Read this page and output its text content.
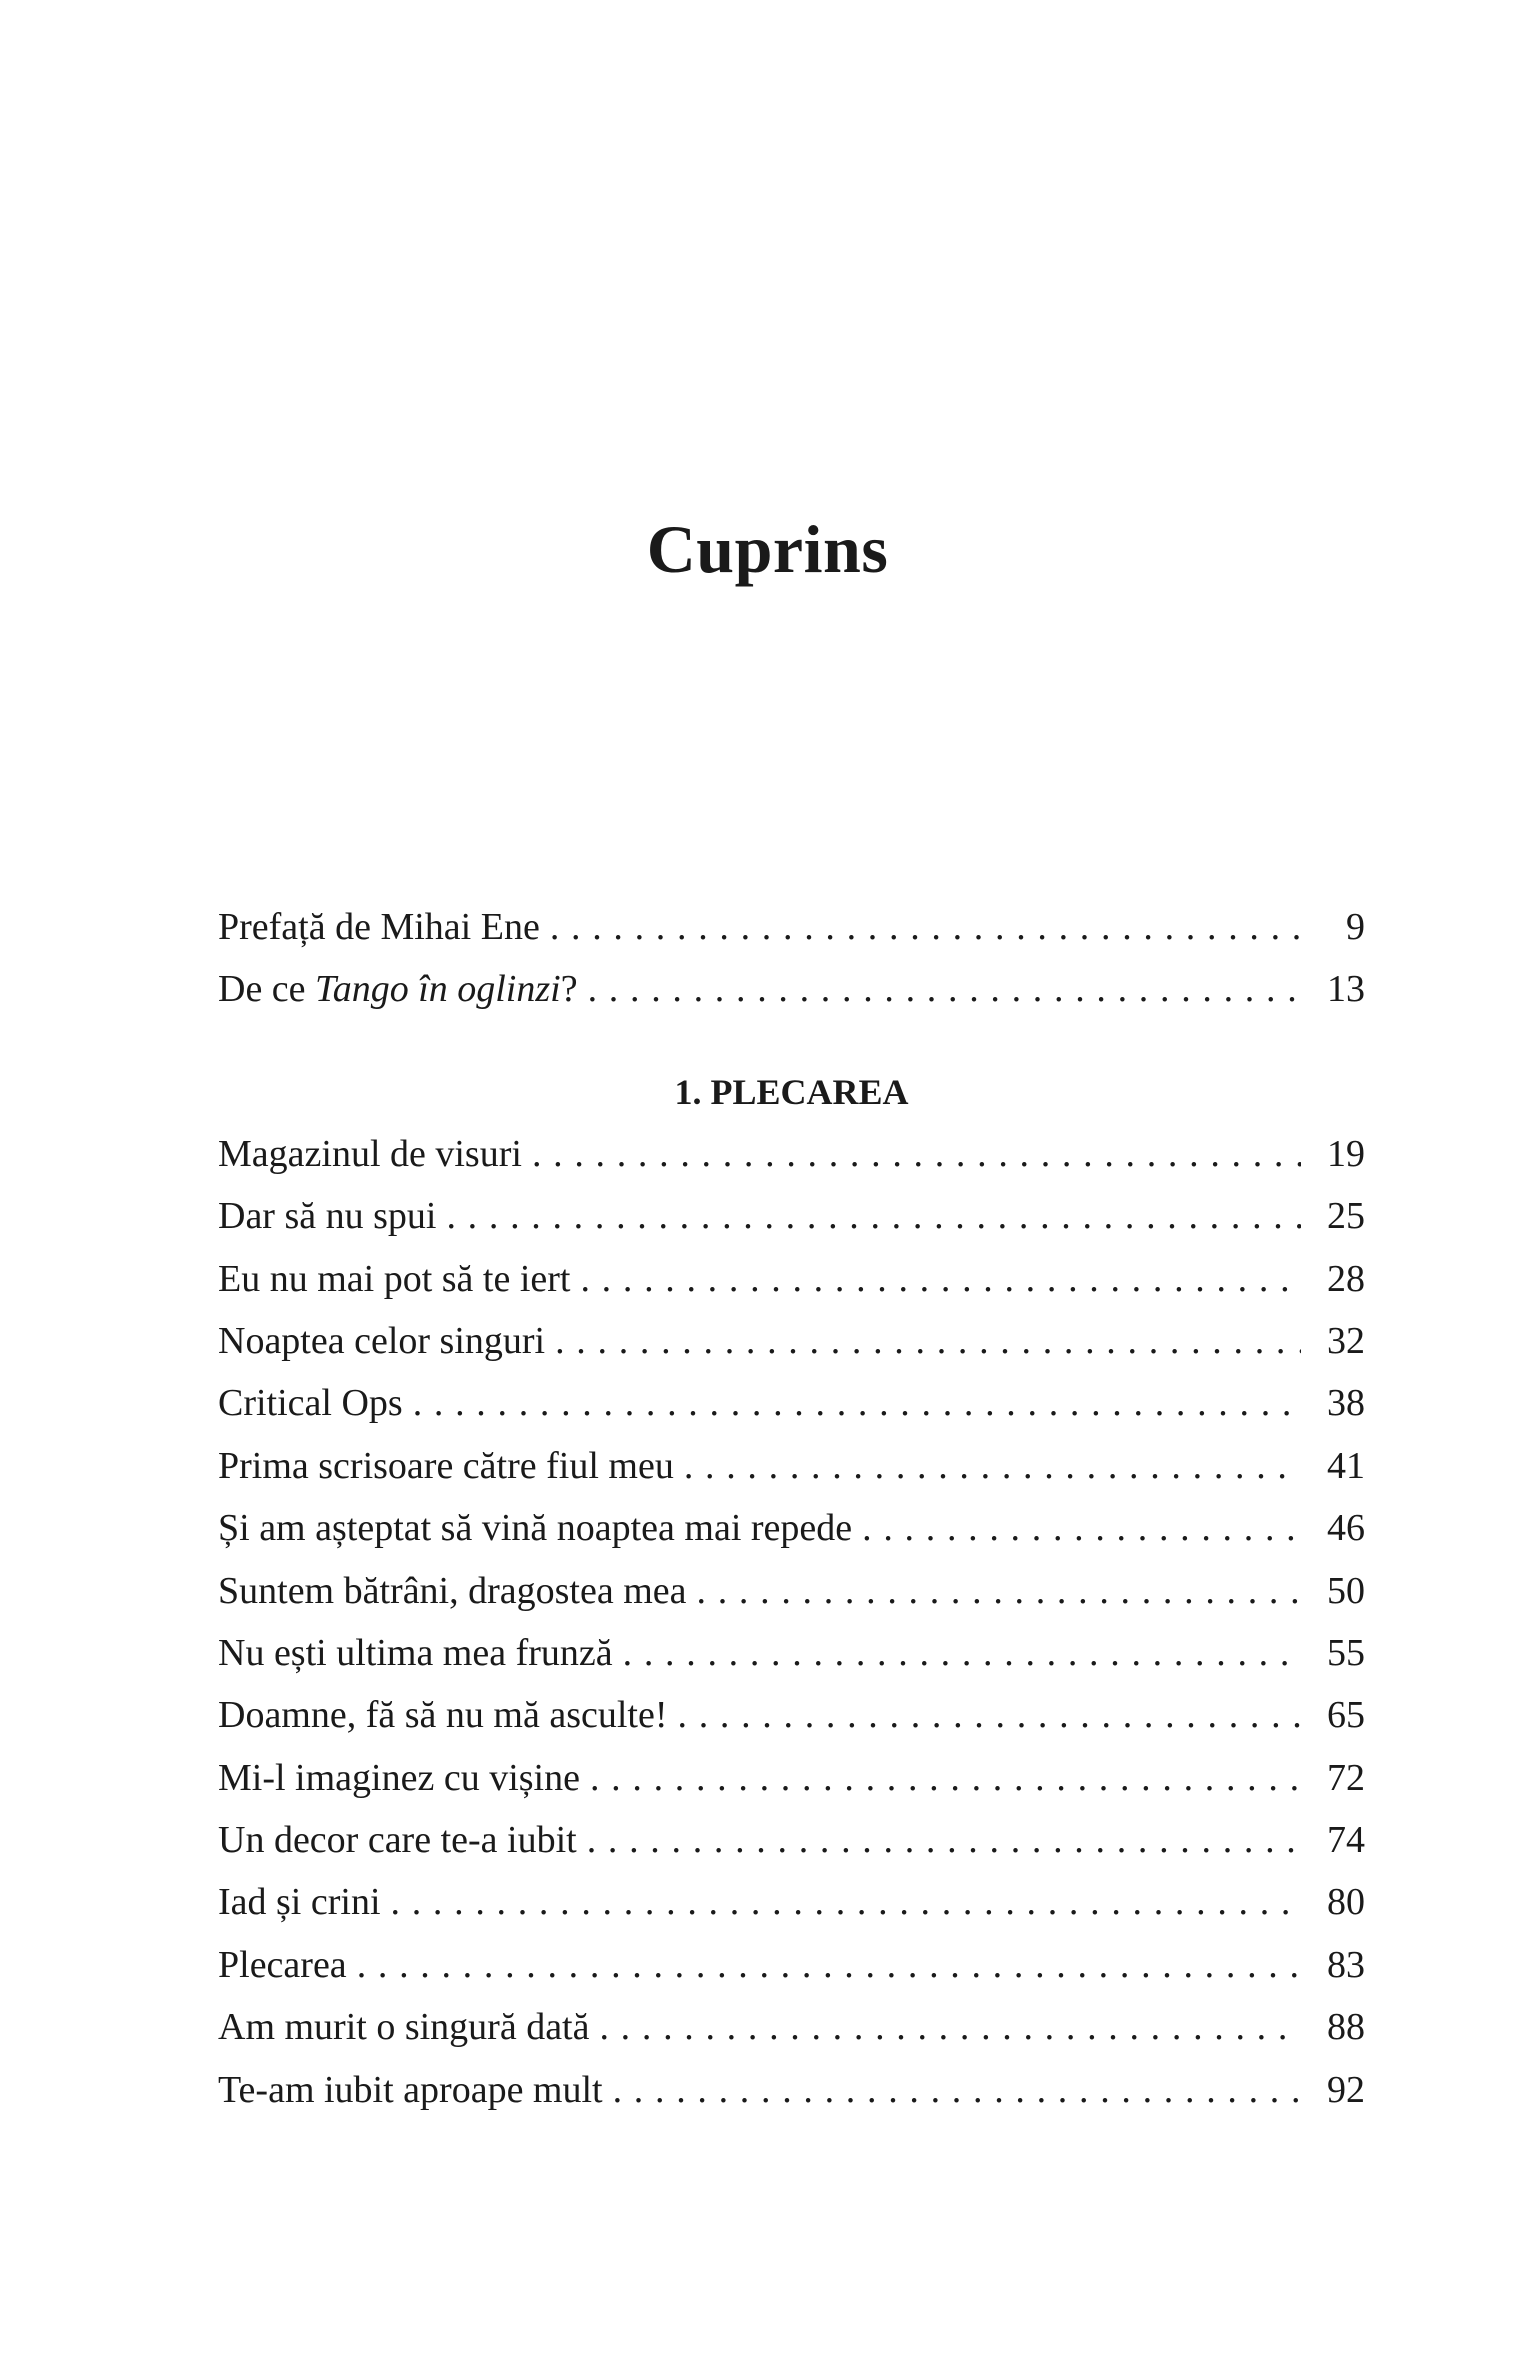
Cuprins
Prefață de Mihai Ene . . .	9
De ce Tango în oglinzi? . . .	13
1. PLECAREA
Magazinul de visuri . . .	19
Dar să nu spui . . .	25
Eu nu mai pot să te iert . . .	28
Noaptea celor singuri . . .	32
Critical Ops . . .	38
Prima scrisoare către fiul meu . . .	41
Și am așteptat să vină noaptea mai repede . . .	46
Suntem bătrâni, dragostea mea . . .	50
Nu ești ultima mea frunză . . .	55
Doamne, fă să nu mă asculte! . . .	65
Mi-l imaginez cu vișine . . .	72
Un decor care te-a iubit . . .	74
Iad și crini . . .	80
Plecarea . . .	83
Am murit o singură dată . . .	88
Te-am iubit aproape mult . . .	92
